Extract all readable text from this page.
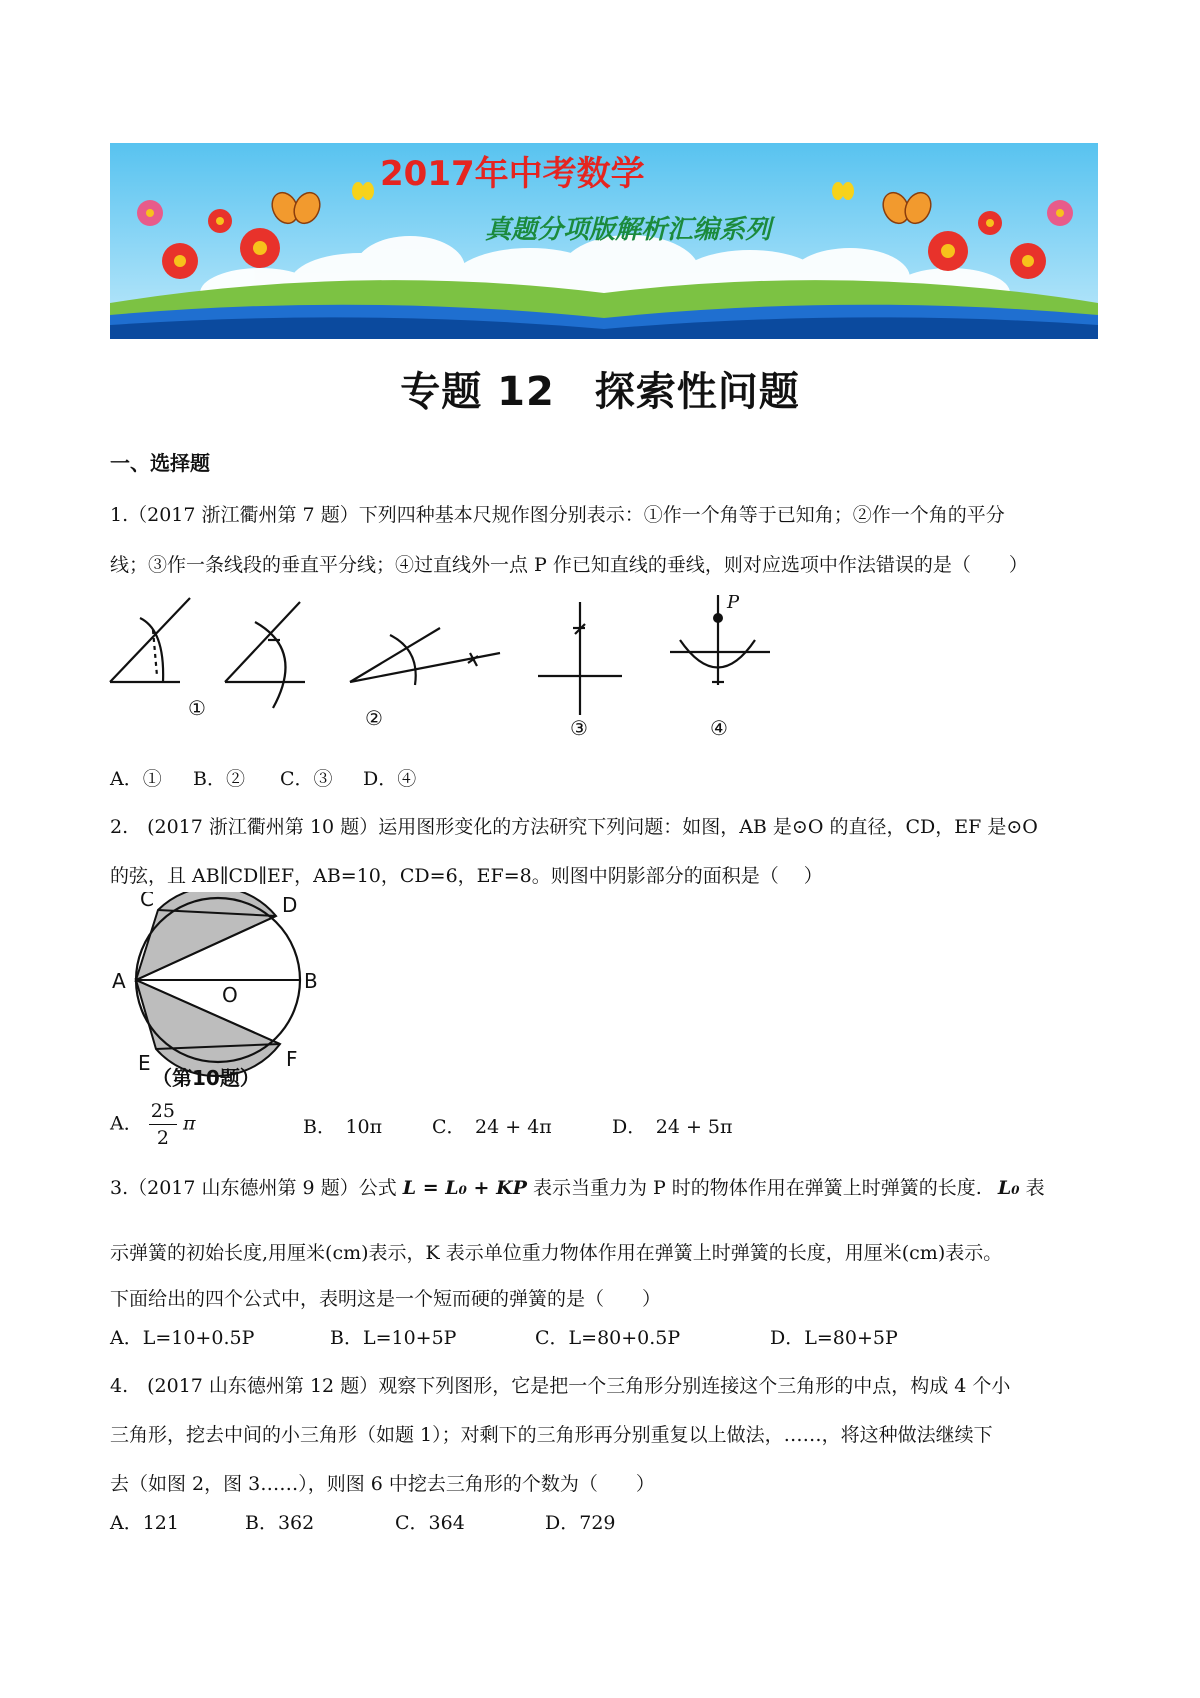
2017年中考数学
真题分项版解析汇编系列
专题 12 探索性问题
一、选择题
1.（2017 浙江衢州第 7 题）下列四种基本尺规作图分别表示：①作一个角等于已知角；②作一个角的平分
线；③作一条线段的垂直平分线；④过直线外一点 P 作已知直线的垂线，则对应选项中作法错误的是（　　）
P
①	②	③	④
A．① B．② C．③ D．④
2.　(2017 浙江衢州第 10 题）运用图形变化的方法研究下列问题：如图，AB 是⊙O 的直径，CD，EF 是⊙O
的弦，且 AB∥CD∥EF，AB=10，CD=6，EF=8。则图中阴影部分的面积是（　 ）
A	B
C	D
E	F
O
（第10题）
A． $\frac{25}{2}$ π	B．　10π	C．　24 + 4π	D．　24 + 5π
3.（2017 山东德州第 9 题）公式 L = L₀ + KP 表示当重力为 P 时的物体作用在弹簧上时弹簧的长度. L₀ 表
示弹簧的初始长度,用厘米(cm)表示，K 表示单位重力物体作用在弹簧上时弹簧的长度，用厘米(cm)表示。
下面给出的四个公式中，表明这是一个短而硬的弹簧的是（　　）
A．L=10+0.5P	B．L=10+5P	C．L=80+0.5P	D．L=80+5P
4.　(2017 山东德州第 12 题）观察下列图形，它是把一个三角形分别连接这个三角形的中点，构成 4 个小
三角形，挖去中间的小三角形（如题 1）；对剩下的三角形再分别重复以上做法，……，将这种做法继续下
去（如图 2，图 3……），则图 6 中挖去三角形的个数为（　　）
A．121	B．362	C．364	D．729
